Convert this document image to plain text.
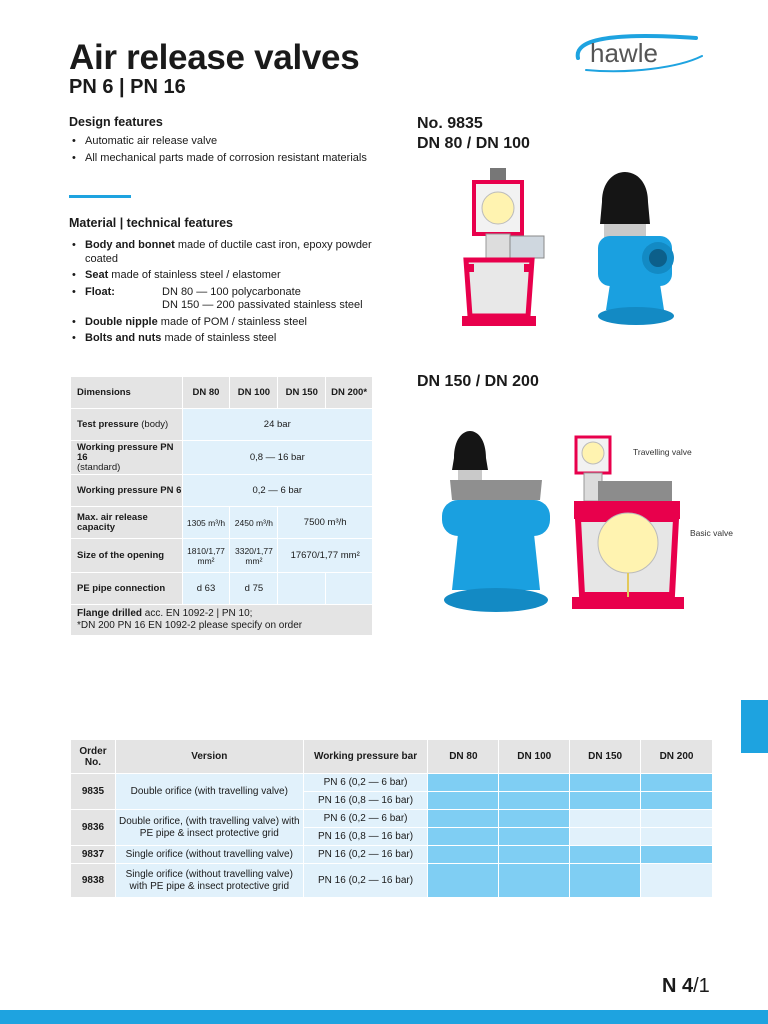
Air release valves
PN 6 | PN 16
hawle
Design features
• Automatic air release valve
• All mechanical parts made of corrosion resistant materials
Material | technical features
• Body and bonnet made of ductile cast iron, epoxy powder coated
• Seat made of stainless steel / elastomer
• Float:	DN 80 — 100 polycarbonate
DN 150 — 200 passivated stainless steel
• Double nipple made of POM / stainless steel
• Bolts and nuts made of stainless steel
No. 9835
DN 80 / DN 100
DN 150 / DN 200
Travelling valve
Basic valve
Dimensions	DN 80	DN 100	DN 150	DN 200*
Test pressure (body)	24 bar			
Working pressure PN 16
(standard)	0,8 — 16 bar			
Working pressure PN 6	0,2 — 6 bar			
Max. air release capacity	1305 m³/h	2450 m³/h	7500 m³/h	
Size of the opening	1810/1,77 mm²	3320/1,77 mm²	17670/1,77 mm²	
PE pipe connection	d 63	d 75		
Flange drilled acc. EN 1092-2 | PN 10;
*DN 200 PN 16 EN 1092-2 please specify on order				
Order No.	Version	Working pressure bar	DN 80	DN 100	DN 150	DN 200
9835	Double orifice (with travelling valve)	PN 6 (0,2 — 6 bar)				
		PN 16 (0,8 — 16 bar)				
9836	Double orifice, (with travelling valve) with PE pipe & insect protective grid	PN 6 (0,2 — 6 bar)				
		PN 16 (0,8 — 16 bar)				
9837	Single orifice (without travelling valve)	PN 16 (0,2 — 16 bar)				
9838	Single orifice (without travelling valve) with PE pipe & insect protective grid	PN 16 (0,2 — 16 bar)				
N 4/1
